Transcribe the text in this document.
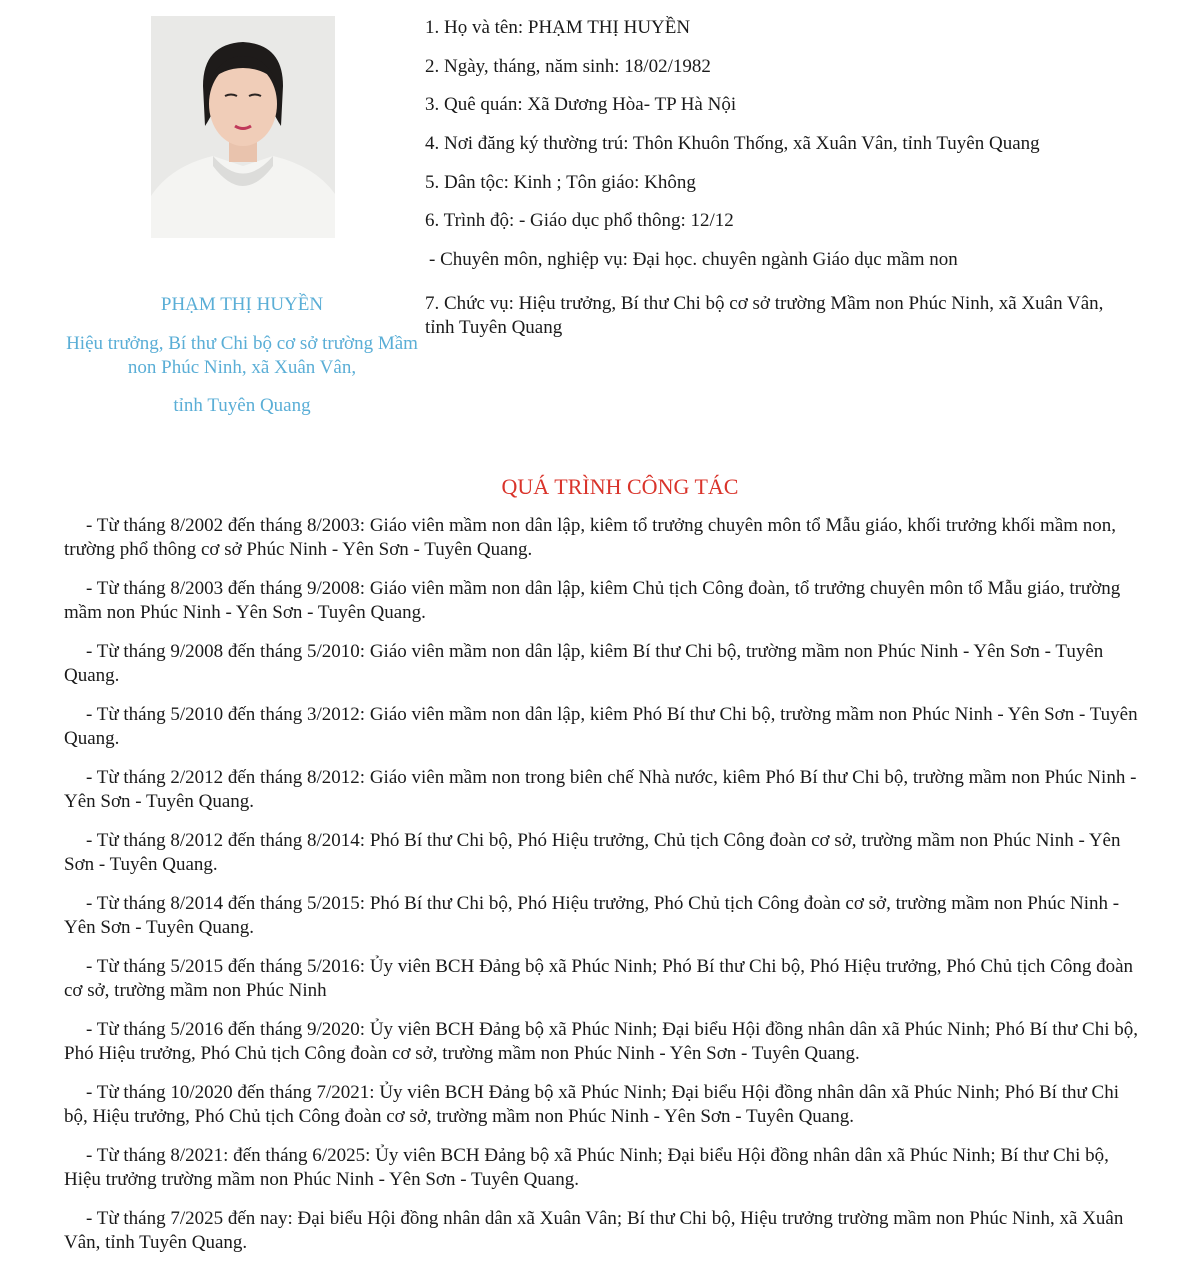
PHẠM THỊ HUYỀN
Hiệu trưởng, Bí thư Chi bộ cơ sở trường Mầm non Phúc Ninh, xã Xuân Vân,
tỉnh Tuyên Quang
1. Họ và tên: PHẠM THỊ HUYỀN
2. Ngày, tháng, năm sinh: 18/02/1982
3. Quê quán: Xã Dương Hòa- TP Hà Nội
4. Nơi đăng ký thường trú: Thôn Khuôn Thống, xã Xuân Vân, tỉnh Tuyên Quang
5. Dân tộc: Kinh ; Tôn giáo: Không
6. Trình độ: - Giáo dục phổ thông: 12/12
- Chuyên môn, nghiệp vụ: Đại học. chuyên ngành Giáo dục mầm non
7. Chức vụ: Hiệu trưởng, Bí thư Chi bộ cơ sở trường Mầm non Phúc Ninh, xã Xuân Vân, tỉnh Tuyên Quang
QUÁ TRÌNH CÔNG TÁC
- Từ tháng 8/2002 đến tháng 8/2003: Giáo viên mầm non dân lập, kiêm tổ trưởng chuyên môn tổ Mẫu giáo, khối trưởng khối mầm non, trường phổ thông cơ sở Phúc Ninh - Yên Sơn - Tuyên Quang.
- Từ tháng 8/2003 đến tháng 9/2008: Giáo viên mầm non dân lập, kiêm Chủ tịch Công đoàn, tổ trưởng chuyên môn tổ Mẫu giáo, trường mầm non Phúc Ninh - Yên Sơn - Tuyên Quang.
- Từ tháng 9/2008 đến tháng 5/2010: Giáo viên mầm non dân lập, kiêm Bí thư Chi bộ, trường mầm non Phúc Ninh - Yên Sơn - Tuyên Quang.
- Từ tháng 5/2010 đến tháng 3/2012: Giáo viên mầm non dân lập, kiêm Phó Bí thư Chi bộ, trường mầm non Phúc Ninh - Yên Sơn - Tuyên Quang.
- Từ tháng 2/2012 đến tháng 8/2012: Giáo viên mầm non trong biên chế Nhà nước, kiêm Phó Bí thư Chi bộ, trường mầm non Phúc Ninh - Yên Sơn - Tuyên Quang.
- Từ tháng 8/2012 đến tháng 8/2014: Phó Bí thư Chi bộ, Phó Hiệu trưởng, Chủ tịch Công đoàn cơ sở, trường mầm non Phúc Ninh - Yên Sơn - Tuyên Quang.
- Từ tháng 8/2014 đến tháng 5/2015: Phó Bí thư Chi bộ, Phó Hiệu trưởng, Phó Chủ tịch Công đoàn cơ sở, trường mầm non Phúc Ninh - Yên Sơn - Tuyên Quang.
- Từ tháng 5/2015 đến tháng 5/2016: Ủy viên BCH Đảng bộ xã Phúc Ninh; Phó Bí thư Chi bộ, Phó Hiệu trưởng, Phó Chủ tịch Công đoàn cơ sở, trường mầm non Phúc Ninh
- Từ tháng 5/2016 đến tháng 9/2020: Ủy viên BCH Đảng bộ xã Phúc Ninh; Đại biểu Hội đồng nhân dân xã Phúc Ninh; Phó Bí thư Chi bộ, Phó Hiệu trưởng, Phó Chủ tịch Công đoàn cơ sở, trường mầm non Phúc Ninh - Yên Sơn - Tuyên Quang.
- Từ tháng 10/2020 đến tháng 7/2021: Ủy viên BCH Đảng bộ xã Phúc Ninh; Đại biểu Hội đồng nhân dân xã Phúc Ninh; Phó Bí thư Chi bộ, Hiệu trưởng, Phó Chủ tịch Công đoàn cơ sở, trường mầm non Phúc Ninh - Yên Sơn - Tuyên Quang.
- Từ tháng 8/2021: đến tháng 6/2025: Ủy viên BCH Đảng bộ xã Phúc Ninh; Đại biểu Hội đồng nhân dân xã Phúc Ninh; Bí thư Chi bộ, Hiệu trưởng trường mầm non Phúc Ninh - Yên Sơn - Tuyên Quang.
- Từ tháng 7/2025 đến nay: Đại biểu Hội đồng nhân dân xã Xuân Vân; Bí thư Chi bộ, Hiệu trưởng trường mầm non Phúc Ninh, xã Xuân Vân, tỉnh Tuyên Quang.
